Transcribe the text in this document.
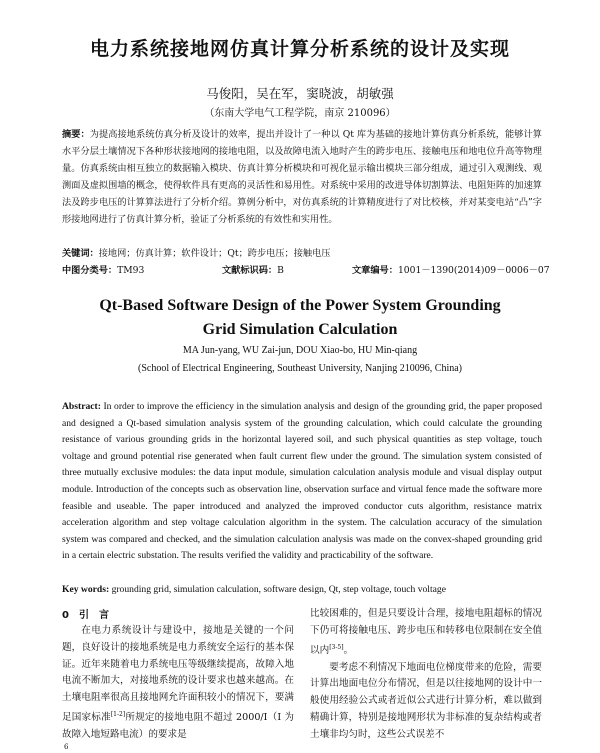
电力系统接地网仿真计算分析系统的设计及实现
马俊阳，吴在军，窦晓波，胡敏强
（东南大学电气工程学院，南京 210096）
摘要：为提高接地系统仿真分析及设计的效率，提出并设计了一种以 Qt 库为基础的接地计算仿真分析系统，能够计算水平分层土壤情况下各种形状接地网的接地电阻，以及故障电流入地时产生的跨步电压、接触电压和地电位升高等物理量。仿真系统由相互独立的数据输入模块、仿真计算分析模块和可视化显示输出模块三部分组成，通过引入观测线、观测面及虚拟围墙的概念，使得软件具有更高的灵活性和易用性。对系统中采用的改进导体切割算法、电阻矩阵的加速算法及跨步电压的计算算法进行了分析介绍。算例分析中，对仿真系统的计算精度进行了对比校核，并对某变电站“凸”字形接地网进行了仿真计算分析，验证了分析系统的有效性和实用性。
关键词：接地网；仿真计算；软件设计；Qt；跨步电压；接触电压
中图分类号：TM93	文献标识码：B	文章编号：1001－1390(2014)09－0006－07
Qt-Based Software Design of the Power System Grounding
Grid Simulation Calculation
MA Jun-yang, WU Zai-jun, DOU Xiao-bo, HU Min-qiang
(School of Electrical Engineering, Southeast University, Nanjing 210096, China)
Abstract: In order to improve the efficiency in the simulation analysis and design of the grounding grid, the paper proposed and designed a Qt-based simulation analysis system of the grounding calculation, which could calculate the grounding resistance of various grounding grids in the horizontal layered soil, and such physical quantities as step voltage, touch voltage and ground potential rise generated when fault current flew under the ground. The simulation system consisted of three mutually exclusive modules: the data input module, simulation calculation analysis module and visual display output module. Introduction of the concepts such as observation line, observation surface and virtual fence made the software more feasible and useable. The paper introduced and analyzed the improved conductor cuts algorithm, resistance matrix acceleration algorithm and step voltage calculation algorithm in the system. The calculation accuracy of the simulation system was compared and checked, and the simulation calculation analysis was made on the convex-shaped grounding grid in a certain electric substation. The results verified the validity and practicability of the software.
Key words: grounding grid, simulation calculation, software design, Qt, step voltage, touch voltage
0　引　言

在电力系统设计与建设中，接地是关键的一个问题，良好设计的接地系统是电力系统安全运行的基本保证。近年来随着电力系统电压等级继续提高，故障入地电流不断加大，对接地系统的设计要求也越来越高。在土壤电阻率很高且接地网允许面积较小的情况下，要满足国家标准[1-2]所规定的接地电阻不超过 2000/I（I 为故障入地短路电流）的要求是

比较困难的，但是只要设计合理，接地电阻超标的情况下仍可将接触电压、跨步电压和转移电位限制在安全值以内[3-5]。

要考虑不利情况下地面电位梯度带来的危险，需要计算出地面电位分布情况，但是以往接地网的设计中一般使用经验公式或者近似公式进行计算分析，难以做到精确计算，特别是接地网形状为非标准的复杂结构或者土壤非均匀时，这些公式误差不

6
